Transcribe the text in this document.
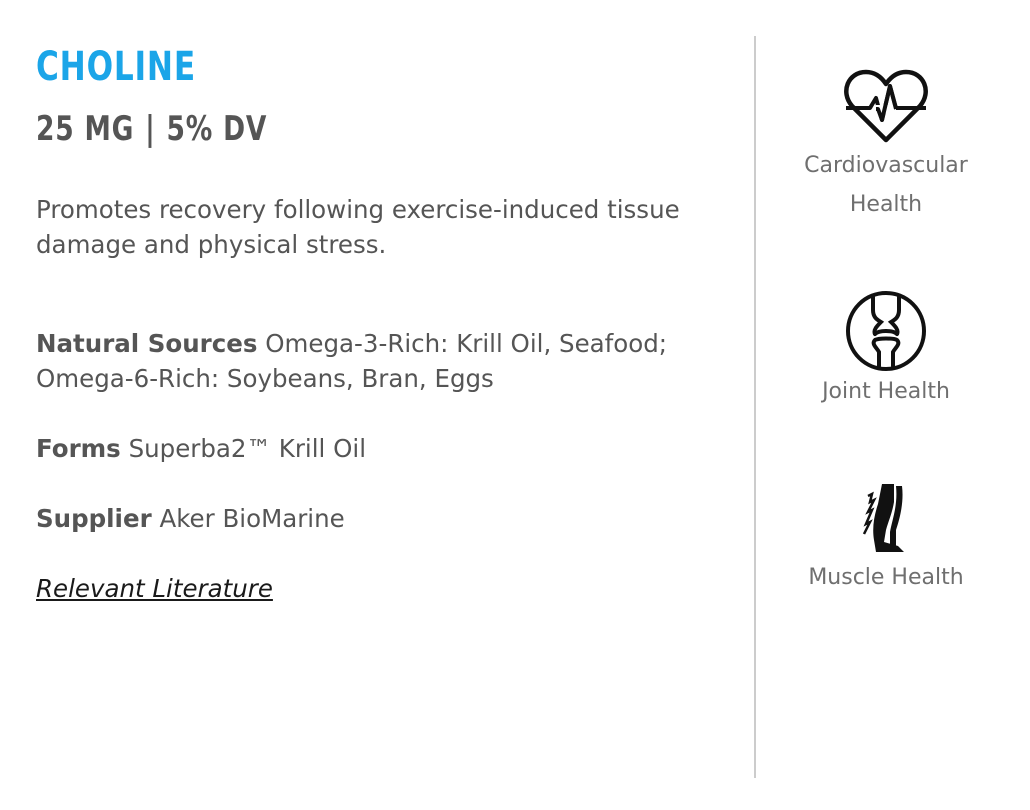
CHOLINE
25 MG | 5% DV

Promotes recovery following exercise-induced tissue damage and physical stress.

Natural Sources Omega-3-Rich: Krill Oil, Seafood; Omega-6-Rich: Soybeans, Bran, Eggs
Forms Superba2™ Krill Oil
Supplier Aker BioMarine
Relevant Literature
Cardiovascular
Health
Joint Health
Muscle Health
